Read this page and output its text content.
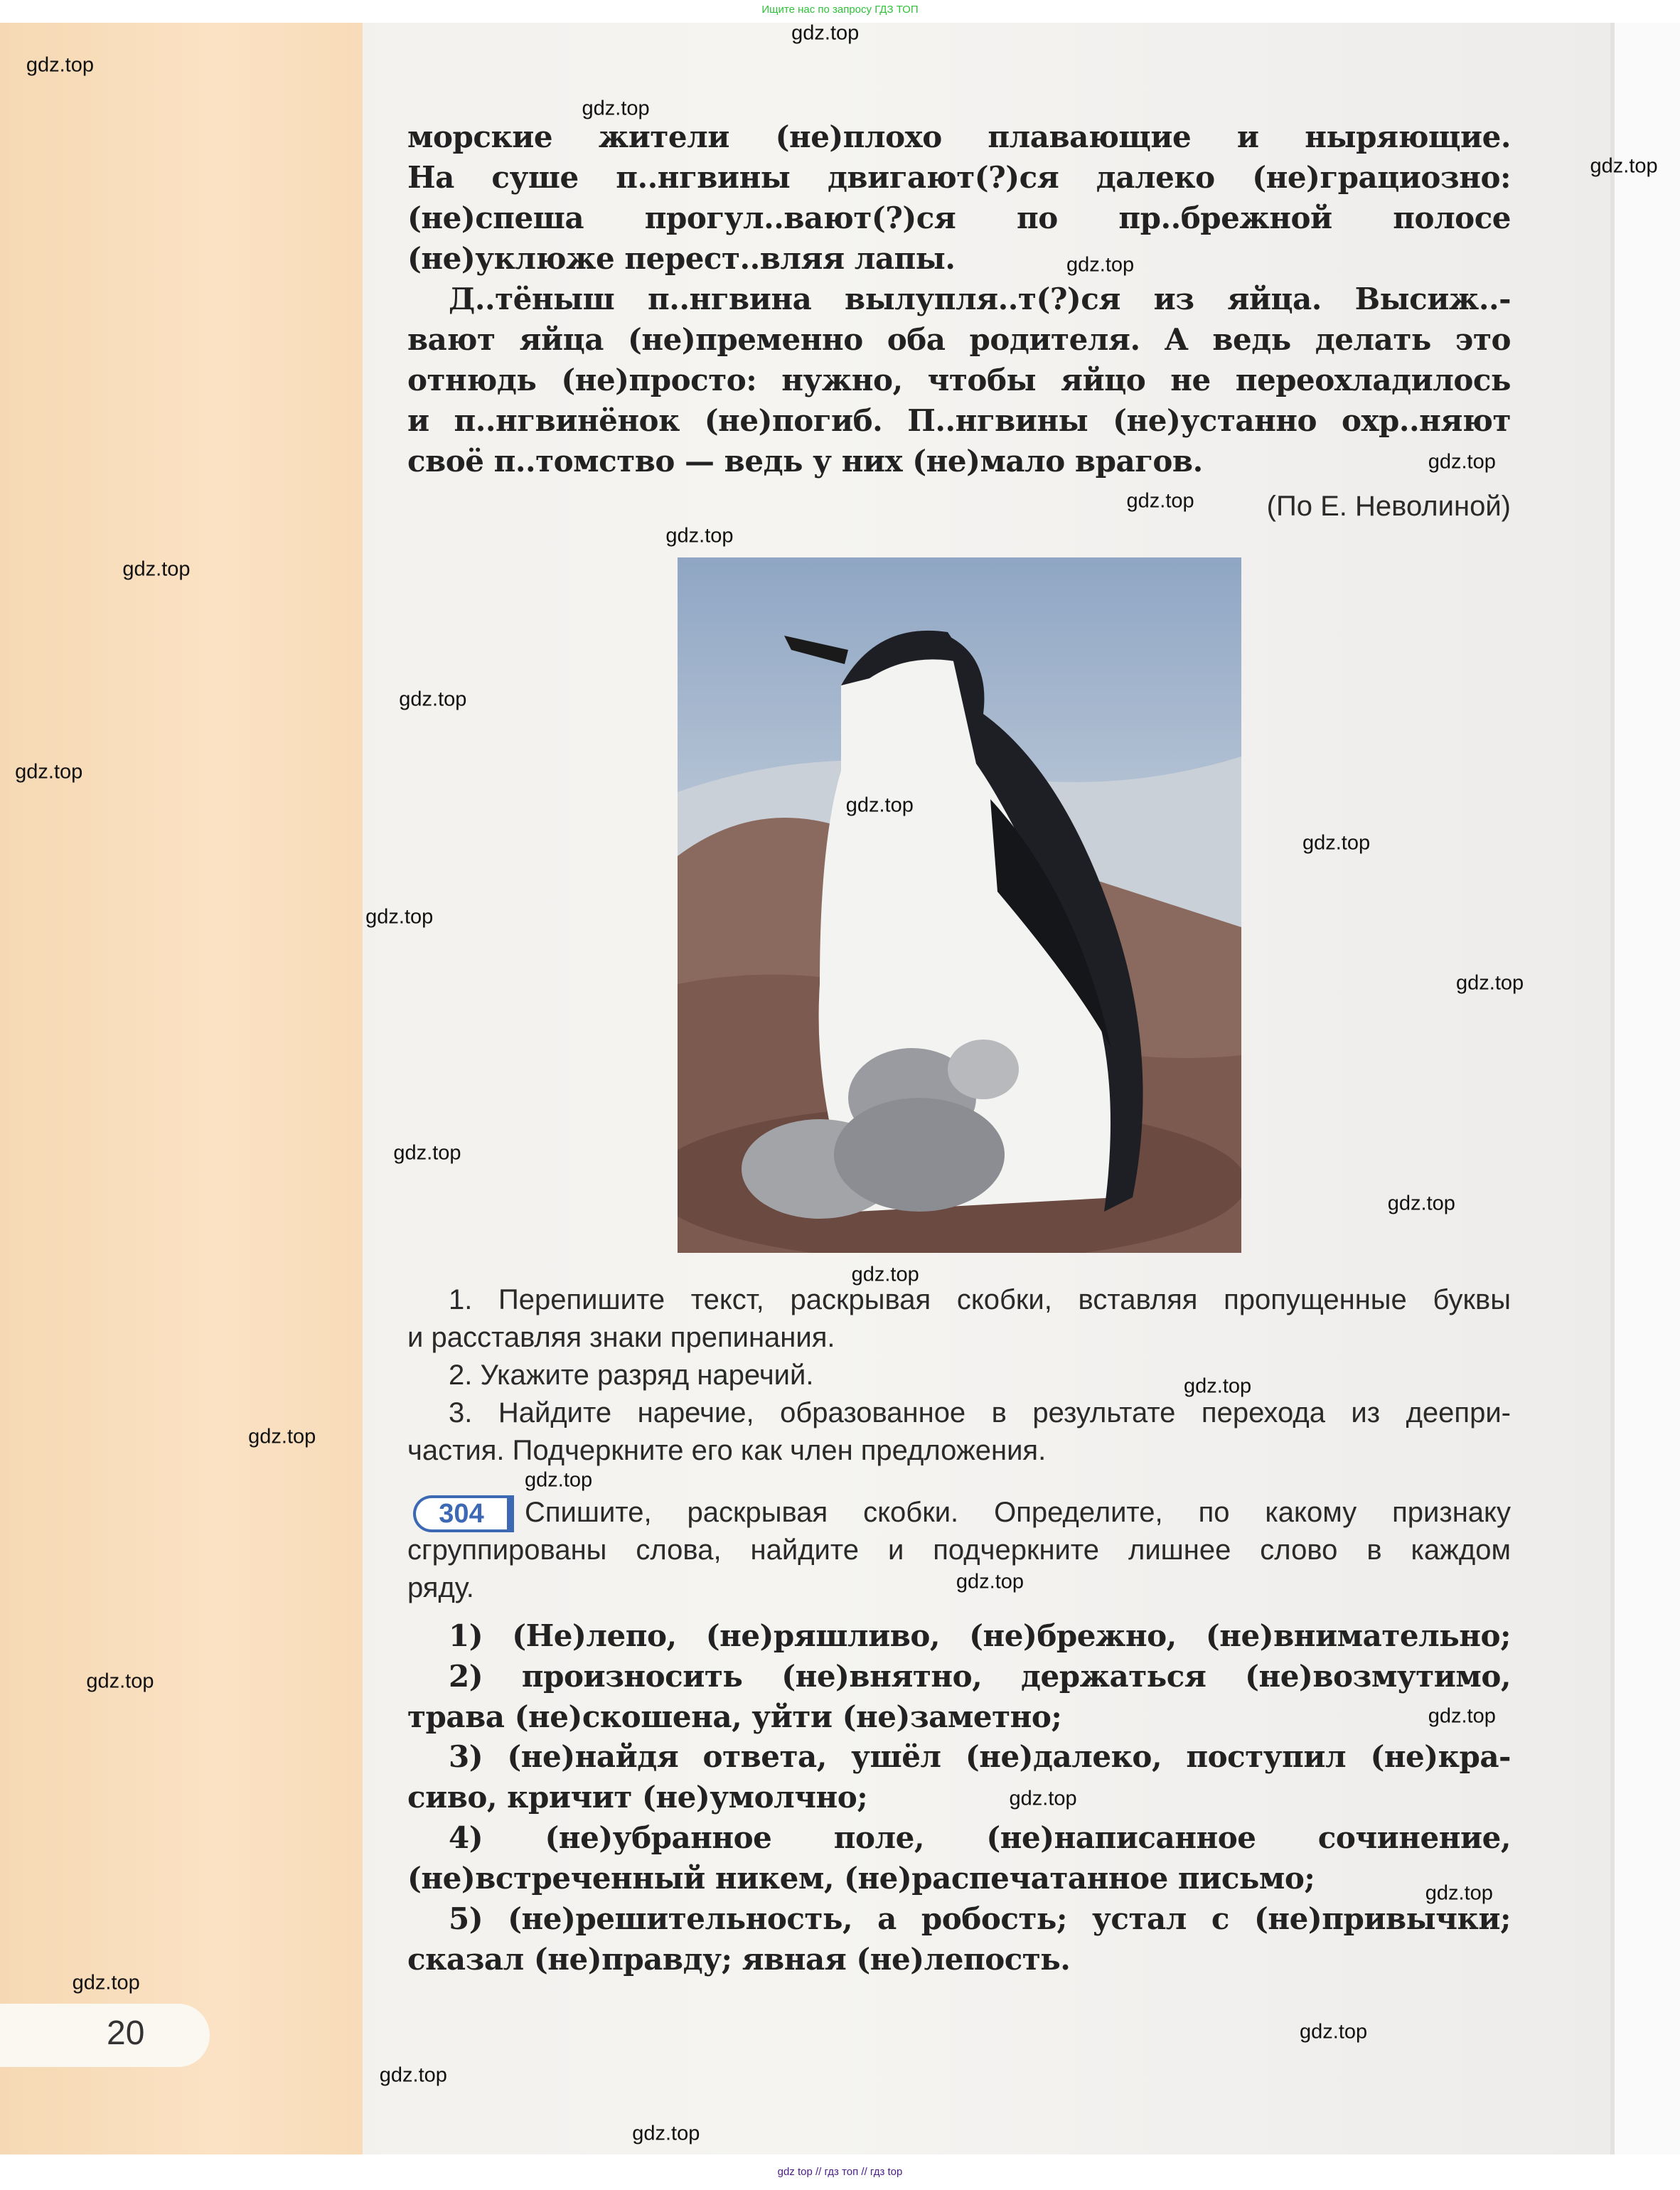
Ищите нас по запросу ГДЗ ТОП
морские жители (не)плохо плавающие и ныряющие.
На суше п..нгвины двигают(?)ся далеко (не)грациозно:
(не)спеша прогул..вают(?)ся по пр..брежной полосе
(не)уклюже перест..вляя лапы.
Д..тёныш п..нгвина вылупля..т(?)ся из яйца. Высиж..-
вают яйца (не)пременно оба родителя. А ведь делать это
отнюдь (не)просто: нужно, чтобы яйцо не переохладилось
и п..нгвинёнок (не)погиб. П..нгвины (не)устанно охр..няют
своё п..томство — ведь у них (не)мало врагов.
(По Е. Неволиной)
1. Перепишите текст, раскрывая скобки, вставляя пропущенные буквы
и расставляя знаки препинания.
2. Укажите разряд наречий.
3. Найдите наречие, образованное в результате перехода из деепри-
частия. Подчеркните его как член предложения.
304	Спишите, раскрывая скобки. Определите, по какому признаку
сгруппированы слова, найдите и подчеркните лишнее слово в каждом
ряду.
1) (Не)лепо, (не)ряшливо, (не)брежно, (не)внимательно;
2) произносить (не)внятно, держаться (не)возмутимо,
трава (не)скошена, уйти (не)заметно;
3) (не)найдя ответа, ушёл (не)далеко, поступил (не)кра-
сиво, кричит (не)умолчно;
4) (не)убранное поле, (не)написанное сочинение,
(не)встреченный никем, (не)распечатанное письмо;
5) (не)решительность, а робость; устал с (не)привычки;
сказал (не)правду; явная (не)лепость.
20
gdz top // гдз топ // гдз top
gdz.top
gdz.top
gdz.top
gdz.top
gdz.top
gdz.top
gdz.top
gdz.top
gdz.top
gdz.top
gdz.top
gdz.top
gdz.top
gdz.top
gdz.top
gdz.top
gdz.top
gdz.top
gdz.top
gdz.top
gdz.top
gdz.top
gdz.top
gdz.top
gdz.top
gdz.top
gdz.top
gdz.top
gdz.top
gdz.top
